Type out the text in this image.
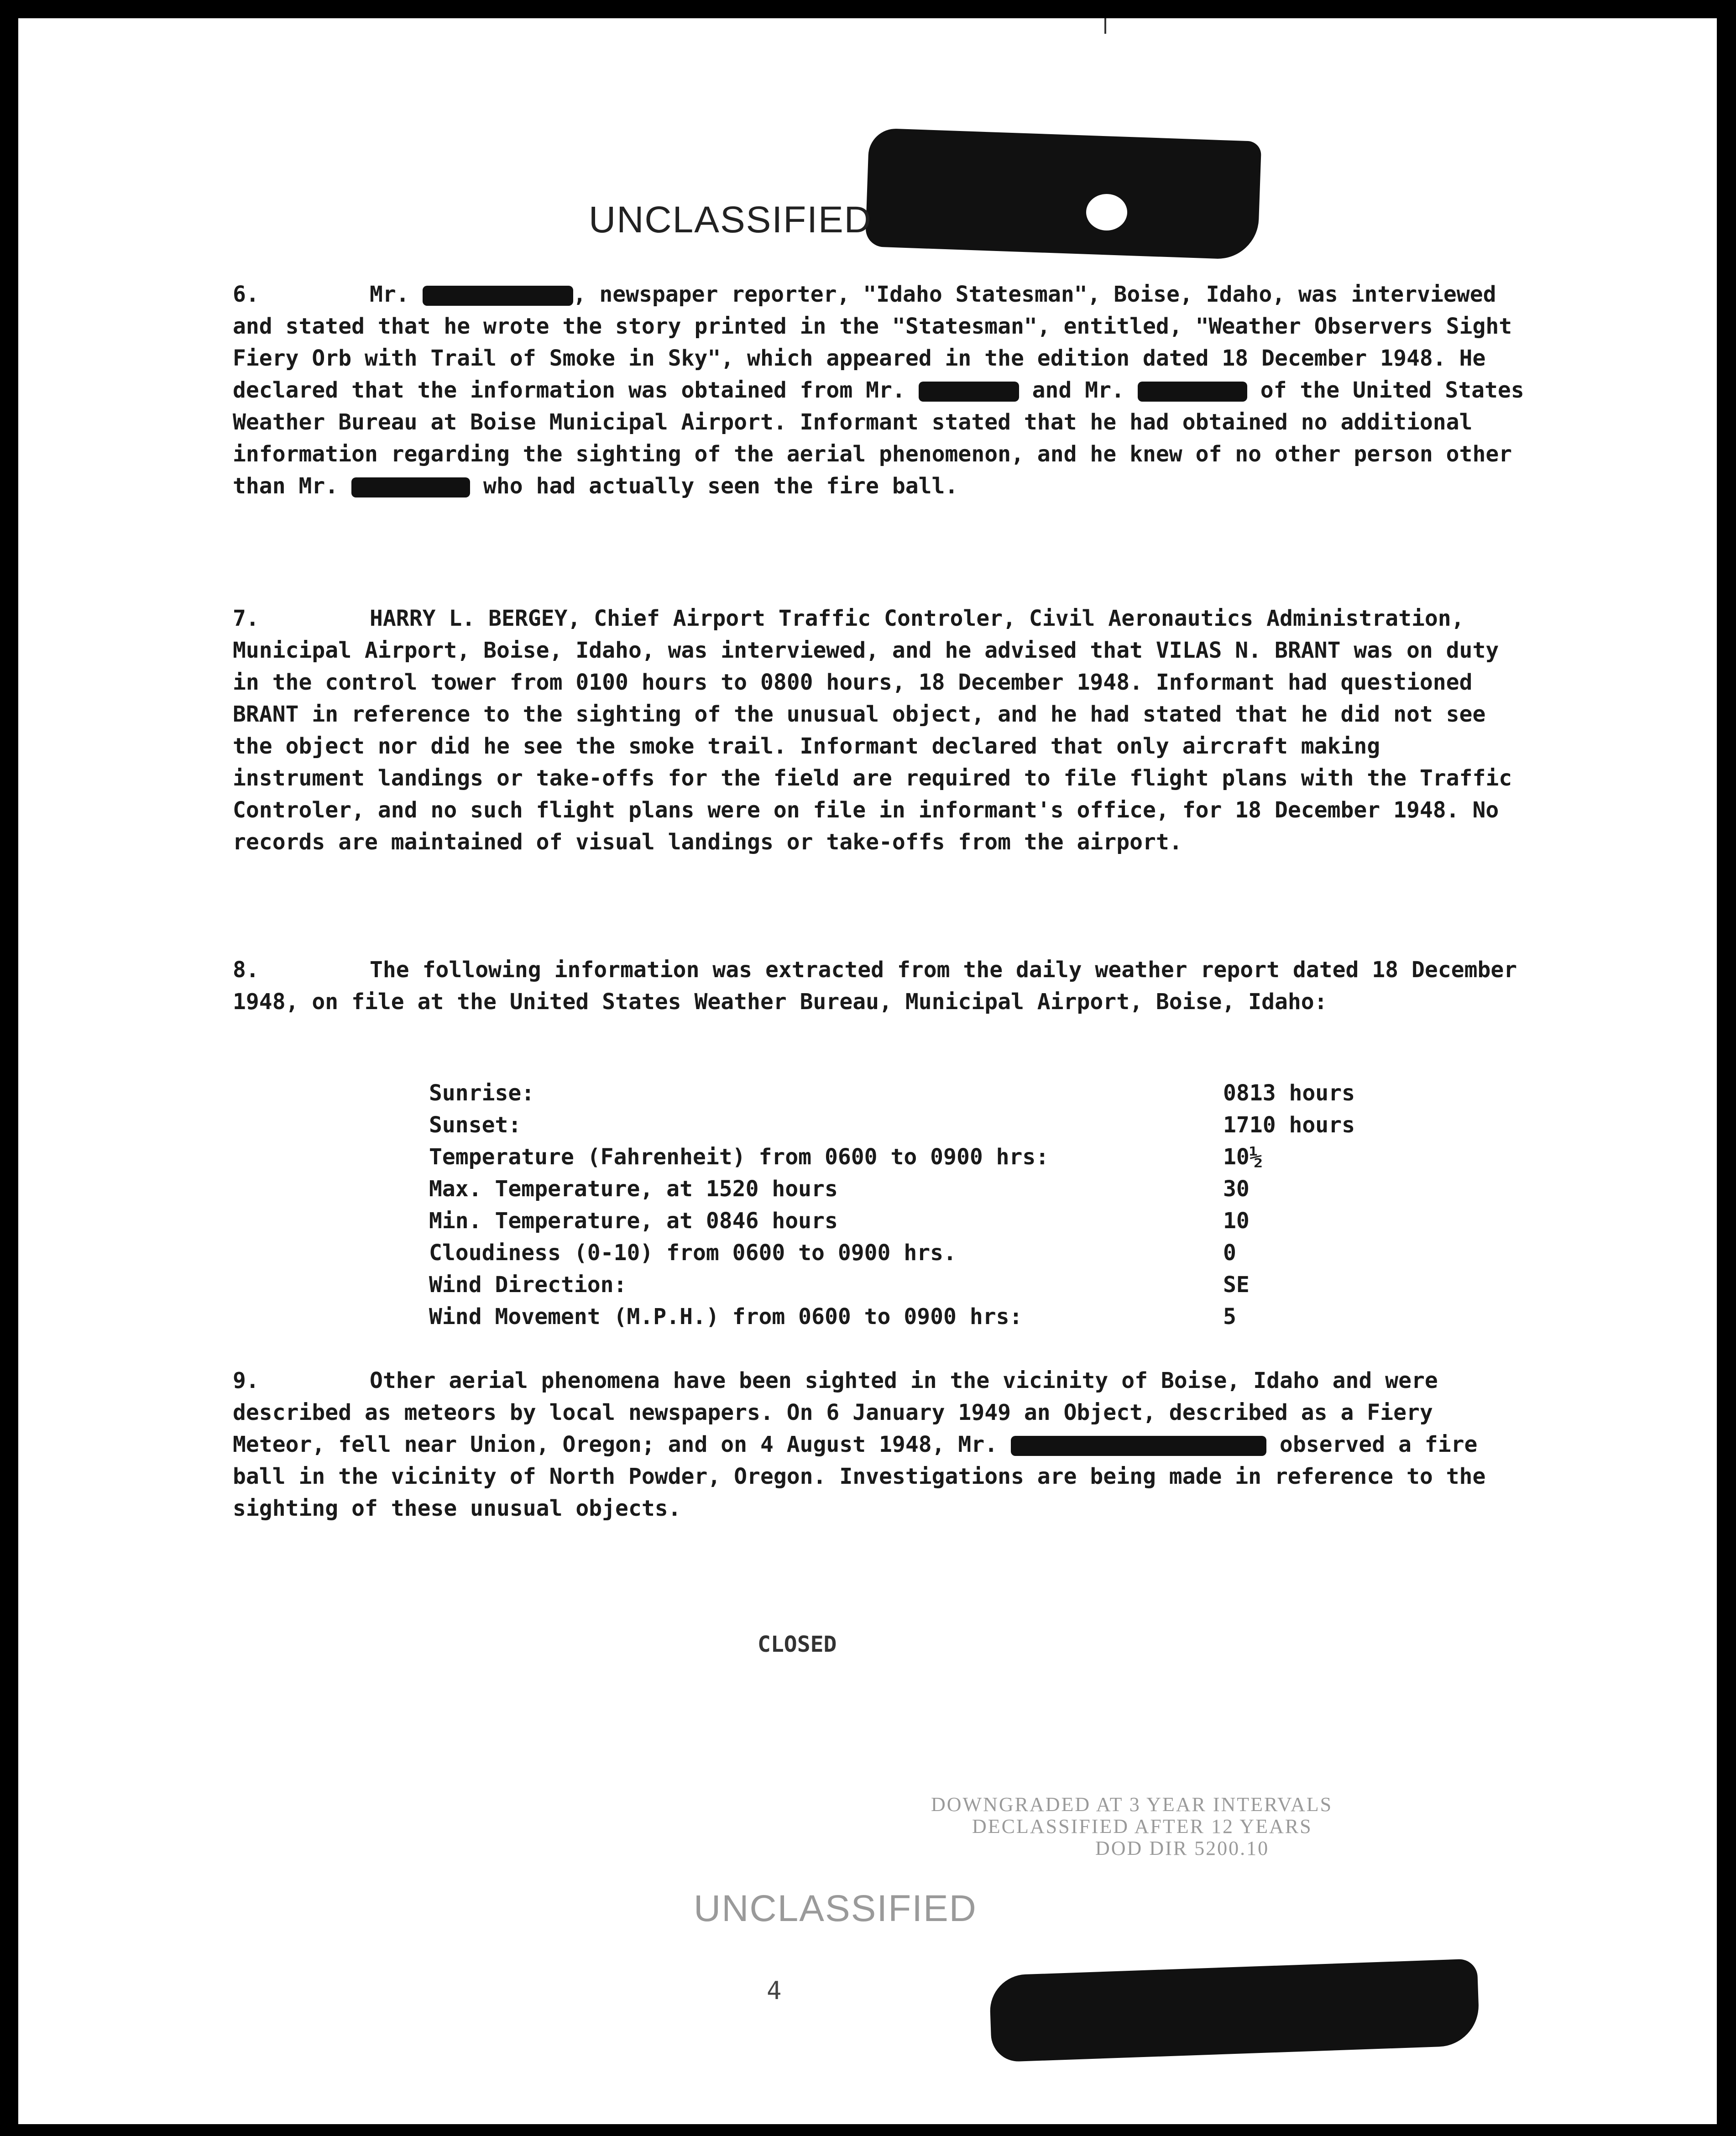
UNCLASSIFIED
6.	Mr.	, newspaper reporter, "Idaho Statesman", Boise, Idaho, was interviewed and stated that he wrote the story printed in the "Statesman", entitled, "Weather Observers Sight Fiery Orb with Trail of Smoke in Sky", which appeared in the edition dated 18 December 1948. He declared that the information was obtained from Mr.	and Mr.	of the United States Weather Bureau at Boise Municipal Airport. Informant stated that he had obtained no additional information regarding the sighting of the aerial phenomenon, and he knew of no other person other than Mr.	who had actually seen the fire ball.
7.	HARRY L. BERGEY, Chief Airport Traffic Controler, Civil Aeronautics Administration, Municipal Airport, Boise, Idaho, was interviewed, and he advised that VILAS N. BRANT was on duty in the control tower from 0100 hours to 0800 hours, 18 December 1948. Informant had questioned BRANT in reference to the sighting of the unusual object, and he had stated that he did not see the object nor did he see the smoke trail. Informant declared that only aircraft making instrument landings or take-offs for the field are required to file flight plans with the Traffic Controler, and no such flight plans were on file in informant's office, for 18 December 1948. No records are maintained of visual landings or take-offs from the airport.
8.	The following information was extracted from the daily weather report dated 18 December 1948, on file at the United States Weather Bureau, Municipal Airport, Boise, Idaho:
Sunrise:	0813 hours
Sunset:	1710 hours
Temperature (Fahrenheit) from 0600 to 0900 hrs:	10½
Max. Temperature, at 1520 hours	30
Min. Temperature, at 0846 hours	10
Cloudiness (0-10) from 0600 to 0900 hrs.	0
Wind Direction:	SE
Wind Movement (M.P.H.) from 0600 to 0900 hrs:	5
9.	Other aerial phenomena have been sighted in the vicinity of Boise, Idaho and were described as meteors by local newspapers. On 6 January 1949 an Object, described as a Fiery Meteor, fell near Union, Oregon; and on 4 August 1948, Mr.	observed a fire ball in the vicinity of North Powder, Oregon. Investigations are being made in reference to the sighting of these unusual objects.
CLOSED
DOWNGRADED AT 3 YEAR INTERVALS
DECLASSIFIED AFTER 12 YEARS
DOD DIR 5200.10
UNCLASSIFIED
4
